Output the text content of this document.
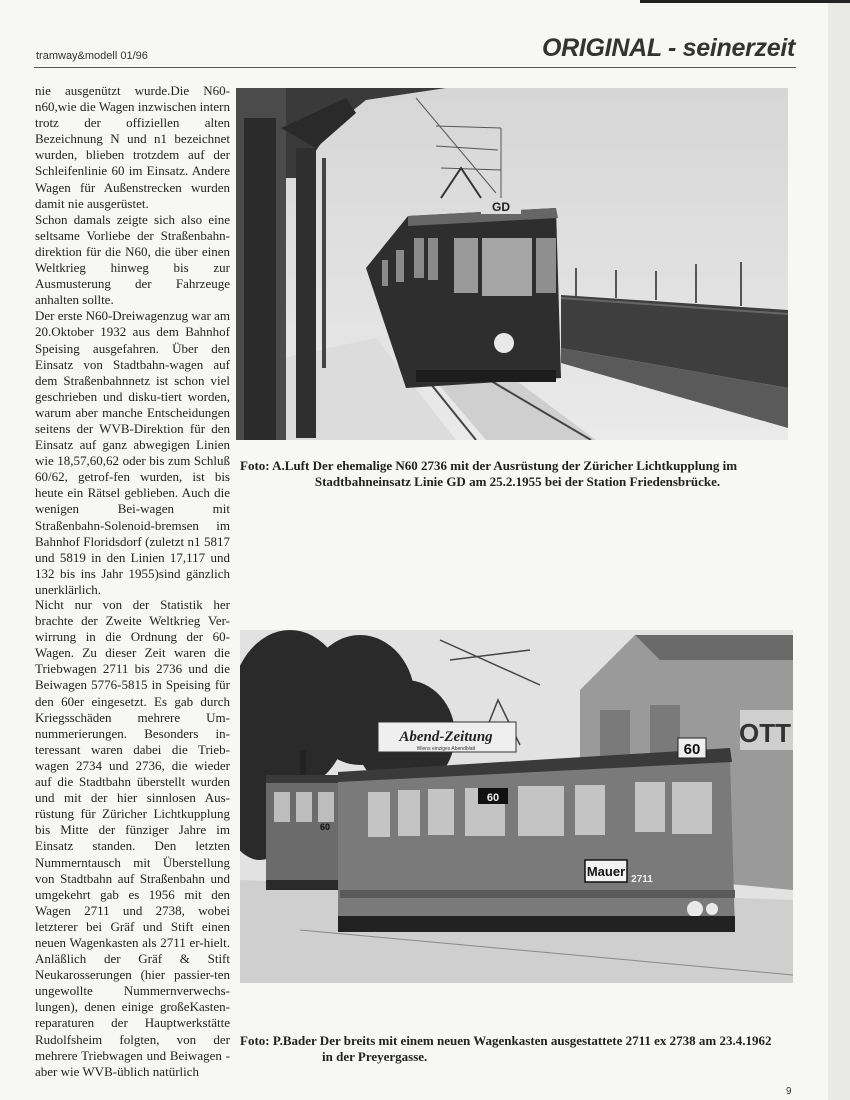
tramway&modell 01/96	ORIGINAL - seinerzeit

nie ausgenützt wurde.Die N60-n60,wie die Wagen inzwischen intern trotz der offiziellen alten Bezeichnung N und n1 bezeichnet wurden, blieben trotzdem auf der Schleifenlinie 60 im Einsatz. Andere Wagen für Außenstrecken wurden damit nie ausgerüstet.

Schon damals zeigte sich also eine seltsame Vorliebe der Straßenbahn-direktion für die N60, die über einen Weltkrieg hinweg bis zur Ausmusterung der Fahrzeuge anhalten sollte.

Der erste N60-Dreiwagenzug war am 20.Oktober 1932 aus dem Bahnhof Speising ausgefahren. Über den Einsatz von Stadtbahn-wagen auf dem Straßenbahnnetz ist schon viel geschrieben und disku-tiert worden, warum aber manche Entscheidungen seitens der WVB-Direktion für den Einsatz auf ganz abwegigen Linien wie 18,57,60,62 oder bis zum Schluß 60/62, getrof-fen wurden, ist bis heute ein Rätsel geblieben. Auch die wenigen Bei-wagen mit Straßenbahn-Solenoid-bremsen im Bahnhof Floridsdorf (zuletzt n1 5817 und 5819 in den Linien 17,117 und 132 bis ins Jahr 1955)sind gänzlich unerklärlich.

Nicht nur von der Statistik her brachte der Zweite Weltkrieg Ver-wirrung in die Ordnung der 60-Wagen. Zu dieser Zeit waren die Triebwagen 2711 bis 2736 und die Beiwagen 5776-5815 in Speising für den 60er eingesetzt. Es gab durch Kriegsschäden mehrere Um-nummerierungen. Besonders in-teressant waren dabei die Trieb-wagen 2734 und 2736, die wieder auf die Stadtbahn überstellt wurden und mit der hier sinnlosen Aus-rüstung für Züricher Lichtkupplung bis Mitte der fünziger Jahre im Einsatz standen. Den letzten Nummerntausch mit Überstellung von Stadtbahn auf Straßenbahn und umgekehrt gab es 1956 mit den Wagen 2711 und 2738, wobei letzterer bei Gräf und Stift einen neuen Wagenkasten als 2711 er-hielt. Anläßlich der Gräf & Stift Neukarosserungen (hier passier-ten ungewollte Nummernverwechs-lungen), denen einige großeKasten-reparaturen der Hauptwerkstätte Rudolfsheim folgten, von der mehrere Triebwagen und Beiwagen - aber wie WVB-üblich natürlich

GD
Foto: A.Luft Der ehemalige N60 2736 mit der Ausrüstung der Züricher Lichtkupplung im
Stadtbahneinsatz Linie GD am 25.2.1955 bei der Station Friedensbrücke.
OTT
Abend-Zeitung
Wiens einziges Abendblatt
60
60
60
Mauer
2711
Foto: P.Bader Der breits mit einem neuen Wagenkasten ausgestattete 2711 ex 2738 am 23.4.1962
in der Preyergasse.
9
